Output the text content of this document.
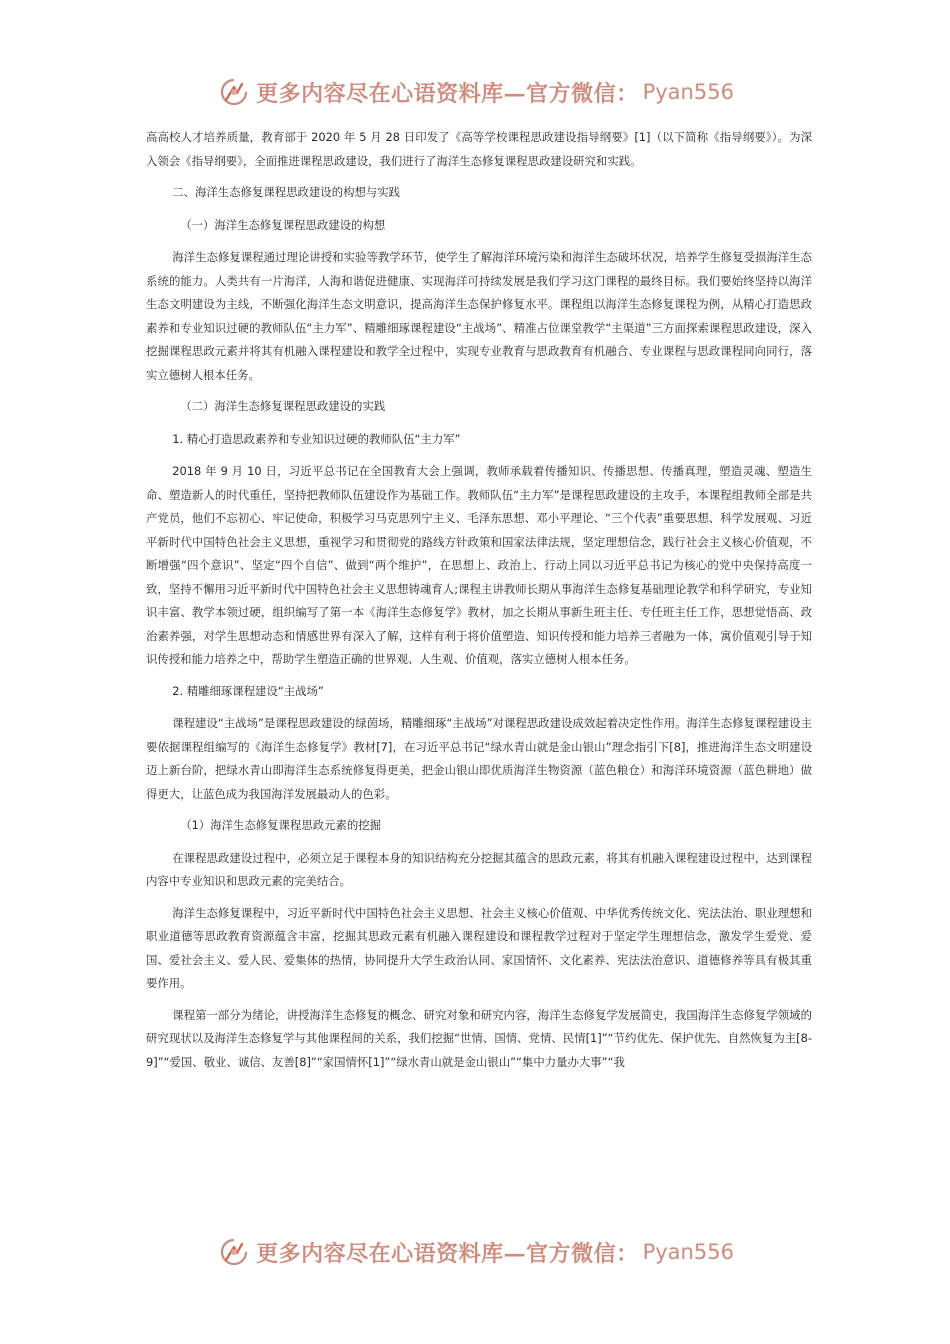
更多内容尽在心语资料库—官方微信： Pyan556

高高校人才培养质量，教育部于 2020 年 5 月 28 日印发了《高等学校课程思政建设指导纲要》[1]（以下简称《指导纲要》）。为深入领会《指导纲要》，全面推进课程思政建设，我们进行了海洋生态修复课程思政建设研究和实践。

二、海洋生态修复课程思政建设的构想与实践

（一）海洋生态修复课程思政建设的构想

海洋生态修复课程通过理论讲授和实验等教学环节，使学生了解海洋环境污染和海洋生态破坏状况，培养学生修复受损海洋生态系统的能力。人类共有一片海洋，人海和谐促进健康、实现海洋可持续发展是我们学习这门课程的最终目标。我们要始终坚持以海洋生态文明建设为主线，不断强化海洋生态文明意识，提高海洋生态保护修复水平。课程组以海洋生态修复课程为例，从精心打造思政素养和专业知识过硬的教师队伍“主力军”、精雕细琢课程建设“主战场”、精准占位课堂教学“主渠道”三方面探索课程思政建设，深入挖掘课程思政元素并将其有机融入课程建设和教学全过程中，实现专业教育与思政教育有机融合、专业课程与思政课程同向同行，落实立德树人根本任务。

（二）海洋生态修复课程思政建设的实践

1. 精心打造思政素养和专业知识过硬的教师队伍“主力军”

2018 年 9 月 10 日，习近平总书记在全国教育大会上强调，教师承载着传播知识、传播思想、传播真理，塑造灵魂、塑造生命、塑造新人的时代重任，坚持把教师队伍建设作为基础工作。教师队伍“主力军”是课程思政建设的主攻手，本课程组教师全部是共产党员，他们不忘初心、牢记使命，积极学习马克思列宁主义、毛泽东思想、邓小平理论、“三个代表”重要思想、科学发展观、习近平新时代中国特色社会主义思想，重视学习和贯彻党的路线方针政策和国家法律法规，坚定理想信念，践行社会主义核心价值观，不断增强“四个意识”、坚定“四个自信”、做到“两个维护”，在思想上、政治上、行动上同以习近平总书记为核心的党中央保持高度一致，坚持不懈用习近平新时代中国特色社会主义思想铸魂育人;课程主讲教师长期从事海洋生态修复基础理论教学和科学研究，专业知识丰富、教学本领过硬，组织编写了第一本《海洋生态修复学》教材，加之长期从事新生班主任、专任班主任工作，思想觉悟高、政治素养强，对学生思想动态和情感世界有深入了解，这样有利于将价值塑造、知识传授和能力培养三者融为一体，寓价值观引导于知识传授和能力培养之中，帮助学生塑造正确的世界观、人生观、价值观，落实立德树人根本任务。

2. 精雕细琢课程建设“主战场”

课程建设“主战场”是课程思政建设的绿茵场，精雕细琢“主战场”对课程思政建设成效起着决定性作用。海洋生态修复课程建设主要依据课程组编写的《海洋生态修复学》教材[7]，在习近平总书记“绿水青山就是金山银山”理念指引下[8]，推进海洋生态文明建设迈上新台阶，把绿水青山即海洋生态系统修复得更美，把金山银山即优质海洋生物资源（蓝色粮仓）和海洋环境资源（蓝色耕地）做得更大，让蓝色成为我国海洋发展最动人的色彩。

（1）海洋生态修复课程思政元素的挖掘

在课程思政建设过程中，必须立足于课程本身的知识结构充分挖掘其蕴含的思政元素，将其有机融入课程建设过程中，达到课程内容中专业知识和思政元素的完美结合。

海洋生态修复课程中，习近平新时代中国特色社会主义思想、社会主义核心价值观、中华优秀传统文化、宪法法治、职业理想和职业道德等思政教育资源蕴含丰富，挖掘其思政元素有机融入课程建设和课程教学过程对于坚定学生理想信念，激发学生爱党、爱国、爱社会主义、爱人民、爱集体的热情，协同提升大学生政治认同、家国情怀、文化素养、宪法法治意识、道德修养等具有极其重要作用。

课程第一部分为绪论，讲授海洋生态修复的概念、研究对象和研究内容，海洋生态修复学发展简史，我国海洋生态修复学领域的研究现状以及海洋生态修复学与其他课程间的关系，我们挖掘“世情、国情、党情、民情[1]”“节约优先、保护优先、自然恢复为主[8-9]”“爱国、敬业、诚信、友善[8]”“家国情怀[1]”“绿水青山就是金山银山”“集中力量办大事”“我

更多内容尽在心语资料库—官方微信： Pyan556
